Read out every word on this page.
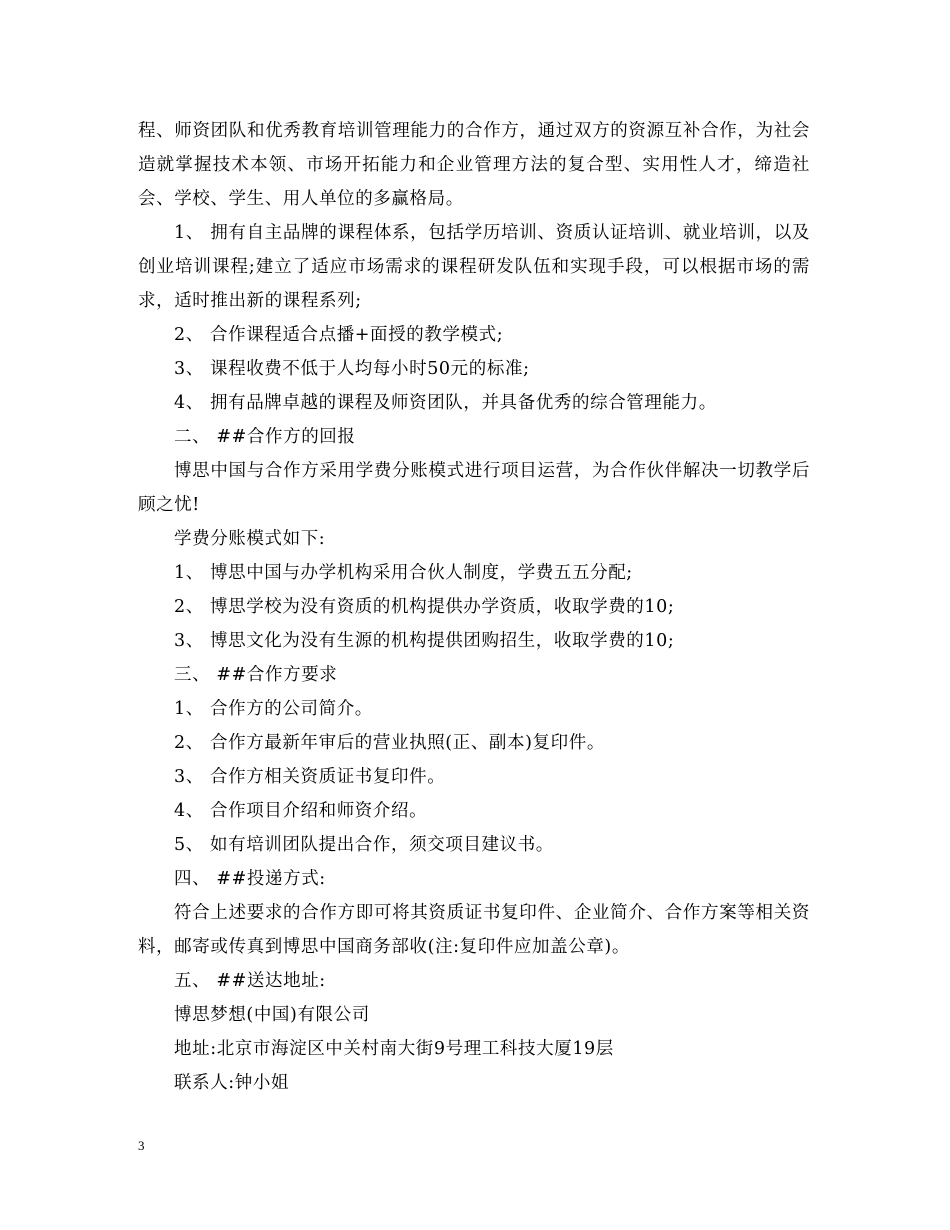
程、师资团队和优秀教育培训管理能力的合作方，通过双方的资源互补合作，为社会造就掌握技术本领、市场开拓能力和企业管理方法的复合型、实用性人才，缔造社会、学校、学生、用人单位的多赢格局。

1、 拥有自主品牌的课程体系，包括学历培训、资质认证培训、就业培训，以及创业培训课程;建立了适应市场需求的课程研发队伍和实现手段，可以根据市场的需求，适时推出新的课程系列;

2、 合作课程适合点播+面授的教学模式;

3、 课程收费不低于人均每小时50元的标准;

4、 拥有品牌卓越的课程及师资团队，并具备优秀的综合管理能力。

二、 ##合作方的回报

博思中国与合作方采用学费分账模式进行项目运营，为合作伙伴解决一切教学后顾之忧!

学费分账模式如下:

1、 博思中国与办学机构采用合伙人制度，学费五五分配;

2、 博思学校为没有资质的机构提供办学资质，收取学费的10;

3、 博思文化为没有生源的机构提供团购招生，收取学费的10;

三、 ##合作方要求

1、 合作方的公司简介。

2、 合作方最新年审后的营业执照(正、副本)复印件。

3、 合作方相关资质证书复印件。

4、 合作项目介绍和师资介绍。

5、 如有培训团队提出合作，须交项目建议书。

四、 ##投递方式:

符合上述要求的合作方即可将其资质证书复印件、企业简介、合作方案等相关资料，邮寄或传真到博思中国商务部收(注:复印件应加盖公章)。

五、 ##送达地址:

博思梦想(中国)有限公司

地址:北京市海淀区中关村南大街9号理工科技大厦19层

联系人:钟小姐

3
